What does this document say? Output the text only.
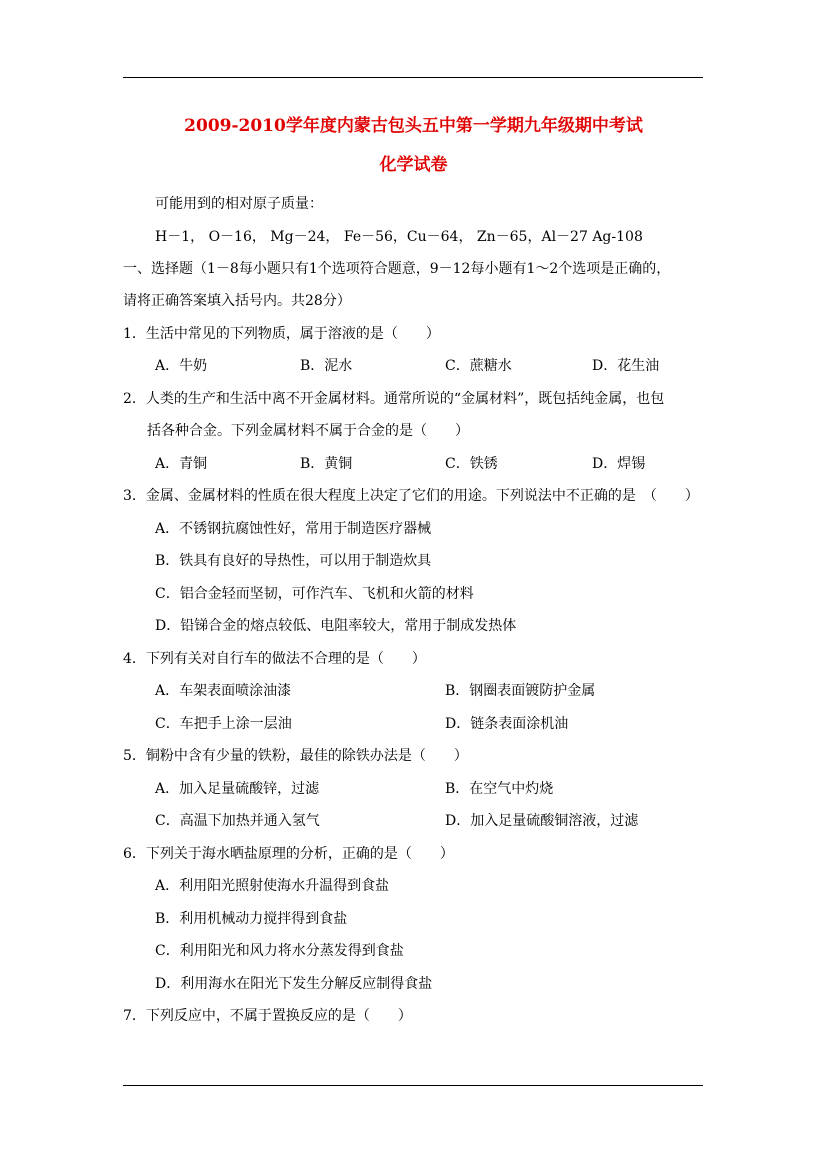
2009-2010学年度内蒙古包头五中第一学期九年级期中考试
化学试卷
可能用到的相对原子质量：
H－1， O－16， Mg－24， Fe－56，Cu－64， Zn－65，Al－27 Ag-108
一、选择题（1－8每小题只有1个选项符合题意，9－12每小题有1～2个选项是正确的，
请将正确答案填入括号内。共28分）
1．生活中常见的下列物质，属于溶液的是（　　）
A．牛奶	B．泥水	C．蔗糖水	D．花生油
2．人类的生产和生活中离不开金属材料。通常所说的“金属材料”，既包括纯金属，也包
括各种合金。下列金属材料不属于合金的是（　　）
A．青铜	B．黄铜	C．铁锈	D．焊锡
3．金属、金属材料的性质在很大程度上决定了它们的用途。下列说法中不正确的是　（　　）
A．不锈钢抗腐蚀性好，常用于制造医疗器械
B．铁具有良好的导热性，可以用于制造炊具
C．铝合金轻而坚韧，可作汽车、飞机和火箭的材料
D．铅锑合金的熔点较低、电阻率较大，常用于制成发热体
4．下列有关对自行车的做法不合理的是（　　）
A．车架表面喷涂油漆	B．钢圈表面镀防护金属
C．车把手上涂一层油	D．链条表面涂机油
5．铜粉中含有少量的铁粉，最佳的除铁办法是（　　）
A．加入足量硫酸锌，过滤	B．在空气中灼烧
C．高温下加热并通入氢气	D．加入足量硫酸铜溶液，过滤
6．下列关于海水晒盐原理的分析，正确的是（　　）
A．利用阳光照射使海水升温得到食盐
B．利用机械动力搅拌得到食盐
C．利用阳光和风力将水分蒸发得到食盐
D．利用海水在阳光下发生分解反应制得食盐
7．下列反应中，不属于置换反应的是（　　）
